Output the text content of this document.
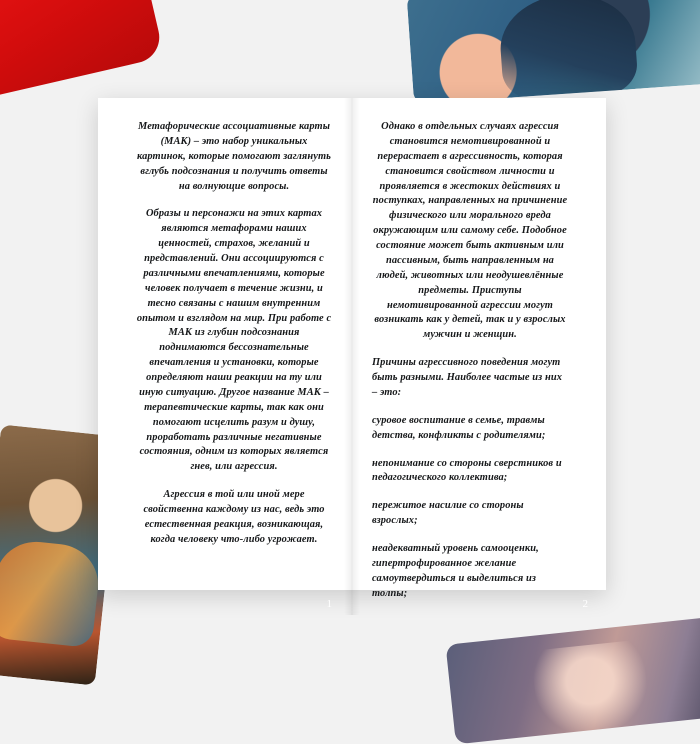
Метафорические ассоциативные карты (МАК) – это набор уникальных картинок, которые помогают заглянуть вглубь подсознания и получить ответы на волнующие вопросы.

Образы и персонажи на этих картах являются метафорами наших ценностей, страхов, желаний и представлений. Они ассоциируются с различными впечатлениями, которые человек получает в течение жизни, и тесно связаны с нашим внутренним опытом и взглядом на мир. При работе с МАК из глубин подсознания поднимаются бессознательные впечатления и установки, которые определяют наши реакции на ту или иную ситуацию. Другое название МАК – терапевтические карты, так как они помогают исцелить разум и душу, проработать различные негативные состояния, одним из которых является гнев, или агрессия.

Агрессия в той или иной мере свойственна каждому из нас, ведь это естественная реакция, возникающая, когда человеку что-либо угрожает.

Однако в отдельных случаях агрессия становится немотивированной и перерастает в агрессивность, которая становится свойством личности и проявляется в жестоких действиях и поступках, направленных на причинение физического или морального вреда окружающим или самому себе. Подобное состояние может быть активным или пассивным, быть направленным на людей, животных или неодушевлённые предметы. Приступы немотивированной агрессии могут возникать как у детей, так и у взрослых мужчин и женщин.

Причины агрессивного поведения могут быть разными. Наиболее частые из них – это:

суровое воспитание в семье, травмы детства, конфликты с родителями;

непонимание со стороны сверстников и педагогического коллектива;

пережитое насилие со стороны взрослых;

неадекватный уровень самооценки, гипертрофированное желание самоутвердиться и выделиться из толпы;

1	2
